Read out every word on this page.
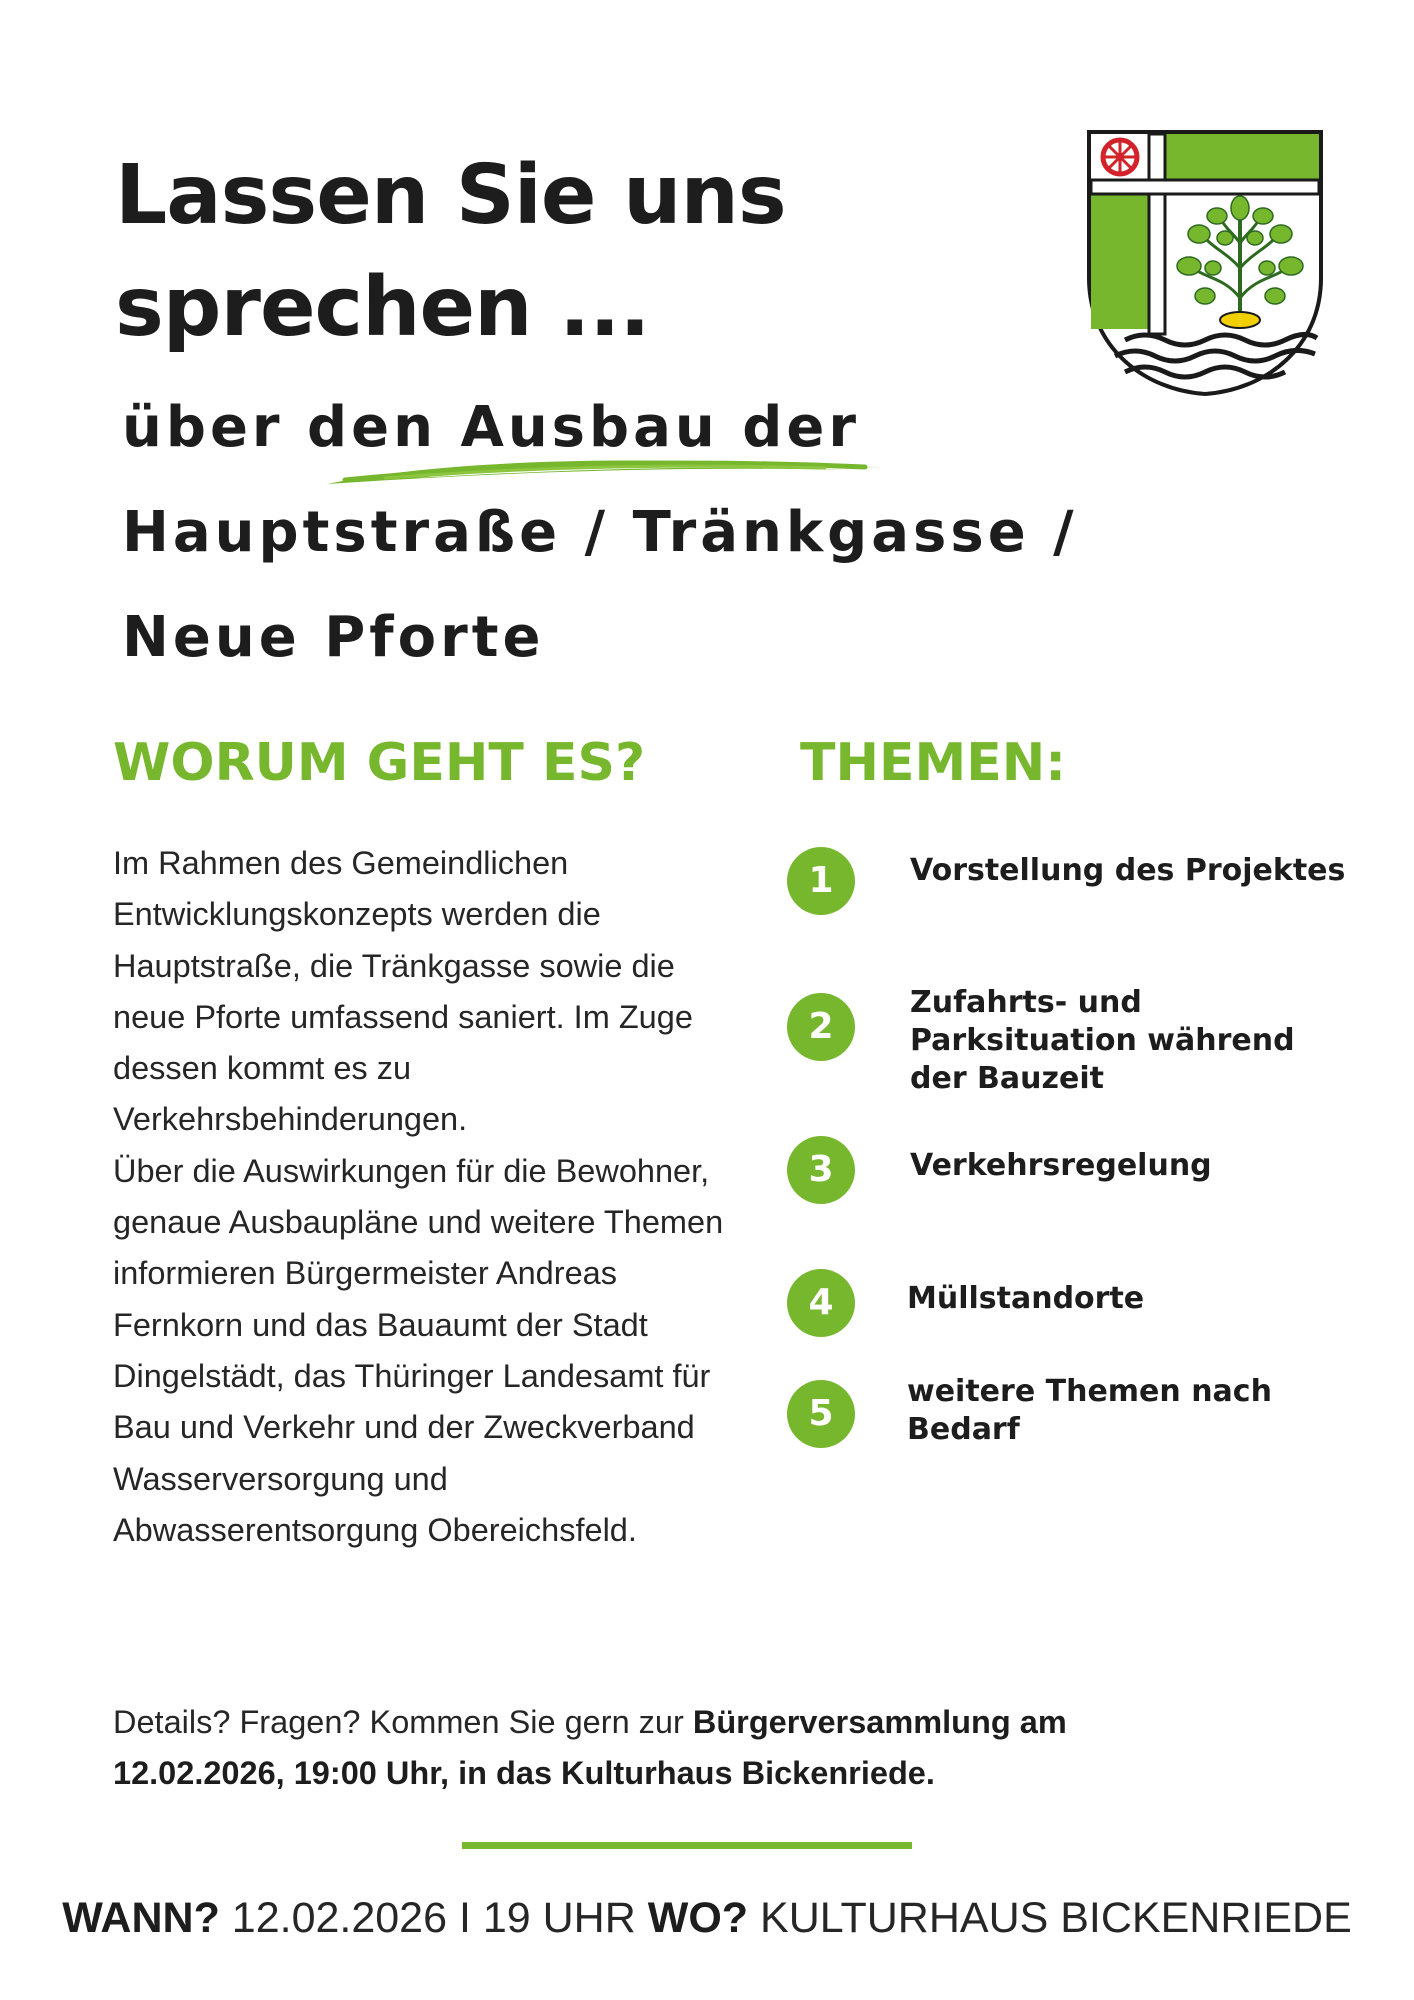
Lassen Sie uns
sprechen ...
über den Ausbau der
Hauptstraße / Tränkgasse /
Neue Pforte
WORUM GEHT ES?

Im Rahmen des Gemeindlichen Entwicklungskonzepts werden die Hauptstraße, die Tränkgasse sowie die neue Pforte umfassend saniert. Im Zuge dessen kommt es zu Verkehrsbehinderungen.

Über die Auswirkungen für die Bewohner, genaue Ausbaupläne und weitere Themen informieren Bürgermeister Andreas Fernkorn und das Bauaumt der Stadt Dingelstädt, das Thüringer Landesamt für Bau und Verkehr und der Zweckverband Wasserversorgung und Abwasserentsorgung Obereichsfeld.

THEMEN:
1	Vorstellung des Projektes
2
Zufahrts- und Parksituation während der Bauzeit
3	Verkehrsregelung
4	Müllstandorte
5
weitere Themen nach Bedarf
Details? Fragen? Kommen Sie gern zur Bürgerversammlung am
12.02.2026, 19:00 Uhr, in das Kulturhaus Bickenriede.
WANN? 12.02.2026 I 19 UHR WO? KULTURHAUS BICKENRIEDE
